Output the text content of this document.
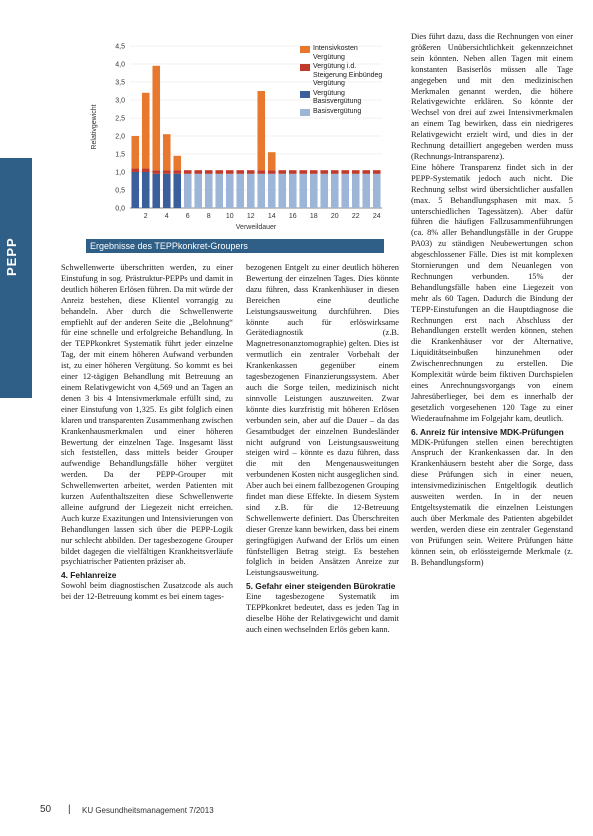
PEPP
0,0
0,5
1,0
1,5
2,0
2,5
3,0
3,5
4,0
4,5
2 4 6 8 10 12 14 16 18 20 22 24
Relativgewicht
Verweildauer
Intensivkosten Vergütung
Vergütung i.d. Steigerung Einbündeg Vergütung
Vergütung Basisvergütung
Basisvergütung
Ergebnisse des TEPPkonkret-Groupers

Schwellenwerte überschritten werden, zu einer Einstufung in sog. Prästruktur-PEPPs und damit in deutlich höheren Erlösen führen. Da mit würde der Anreiz bestehen, diese Klientel vorrangig zu behandeln. Aber durch die Schwellenwerte empfiehlt auf der anderen Seite die „Belohnung“ für eine schnelle und erfolgreiche Behandlung. In der TEPPkonkret Systematik führt jeder einzelne Tag, der mit einem höheren Aufwand verbunden ist, zu einer höheren Vergütung. So kommt es bei einer 12-tägigen Behandlung mit Betreuung an einem Relativgewicht von 4,569 und an Tagen an denen 3 bis 4 Intensivmerkmale erfüllt sind, zu einer Einstufung von 1,325. Es gibt folglich einen klaren und transparenten Zusammenhang zwischen Krankenhausmerkmalen und einer höheren Bewertung der einzelnen Tage. Insgesamt lässt sich feststellen, dass mittels beider Grouper aufwendige Behandlungsfälle höher vergütet werden. Da der PEPP-Grouper mit Schwellenwerten arbeitet, werden Patienten mit kurzen Aufenthaltszeiten diese Schwellenwerte alleine aufgrund der Liegezeit nicht erreichen. Auch kurze Exazitungen und Intensivierungen von Behandlungen lassen sich über die PEPP-Logik nur schlecht abbilden. Der tagesbezogene Grouper bildet dagegen die vielfältigen Krankheitsverläufe psychiatrischer Patienten präziser ab.

4. Fehlanreize

Sowohl beim diagnostischen Zusatzcode als auch bei der 12-Betreuung kommt es bei einem tages-

bezogenen Entgelt zu einer deutlich höheren Bewertung der einzelnen Tages. Dies könnte dazu führen, dass Krankenhäuser in diesen Bereichen eine deutliche Leistungsausweitung durchführen. Dies könnte auch für erlöswirksame Gerätediagnostik (z.B. Magnetresonanztomographie) gelten. Dies ist vermutlich ein zentraler Vorbehalt der Krankenkassen gegenüber einem tagesbezogenen Finanzierungssystem. Aber auch die Sorge teilen, medizinisch nicht sinnvolle Leistungen auszuweiten. Zwar könnte dies kurzfristig mit höheren Erlösen verbunden sein, aber auf die Dauer – da das Gesamtbudget der einzelnen Bundesländer nicht aufgrund von Leistungsausweitung steigen wird – könnte es dazu führen, dass die mit den Mengenausweitungen verbundenen Kosten nicht ausgeglichen sind. Aber auch bei einem fallbezogenen Grouping findet man diese Effekte. In diesem System sind z.B. für die 12-Betreuung Schwellenwerte definiert. Das Überschreiten dieser Grenze kann bewirken, dass bei einem geringfügigen Aufwand der Erlös um einen fünfstelligen Betrag steigt. Es bestehen folglich in beiden Ansätzen Anreize zur Leistungsausweitung.

5. Gefahr einer steigenden Bürokratie

Eine tagesbezogene Systematik im TEPPkonkret bedeutet, dass es jeden Tag in dieselbe Höhe der Relativgewicht und damit auch einen wechselnden Erlös geben kann.

Dies führt dazu, dass die Rechnungen von einer größeren Unübersichtlichkeit gekennzeichnet sein könnten. Neben allen Tagen mit einem konstanten Basiserlös müssen alle Tage angegeben und mit den medizinischen Merkmalen genannt werden, die höhere Relativgewichte erklären. So könnte der Wechsel von drei auf zwei Intensivmerkmalen an einem Tag bewirken, dass ein niedrigeres Relativgewicht erzielt wird, und dies in der Rechnung detailliert angegeben werden muss (Rechnungs-Intransparenz).

Eine höhere Transparenz findet sich in der PEPP-Systematik jedoch auch nicht. Die Rechnung selbst wird übersichtlicher ausfallen (max. 5 Behandlungsphasen mit max. 5 unterschiedlichen Tagessätzen). Aber dafür führen die häufigen Fallzusammenführungen (ca. 8% aller Behandlungsfälle in der Gruppe PA03) zu ständigen Neubewertungen schon abgeschlossener Fälle. Dies ist mit komplexen Stornierungen und dem Neuanlegen von Rechnungen verbunden. 15% der Behandlungsfälle haben eine Liegezeit von mehr als 60 Tagen. Dadurch die Bindung der TEPP-Einstufungen an die Hauptdiagnose die Rechnungen erst nach Abschluss der Behandlungen erstellt werden können, stehen die Krankenhäuser vor der Alternative, Liquiditätseinbußen hinzunehmen oder Zwischenrechnungen zu erstellen. Die Komplexität würde beim fiktiven Durchspielen eines Anrechnungsvorgangs von einem Jahresüberlieger, bei dem es innerhalb der gesetzlich vorgesehenen 120 Tage zu einer Wiederaufnahme im Folgejahr kam, deutlich.

6. Anreiz für intensive MDK-Prüfungen

MDK-Prüfungen stellen einen berechtigten Anspruch der Krankenkassen dar. In den Krankenhäusern besteht aber die Sorge, dass diese Prüfungen sich in einer neuen, intensivmedizinischen Entgeltlogik deutlich ausweiten werden. In in der neuen Entgeltsystematik die einzelnen Leistungen auch über Merkmale des Patienten abgebildet werden, werden diese ein zentraler Gegenstand von Prüfungen sein. Weitere Prüfungen hätte können sein, ob erlössteigernde Merkmale (z. B. Behandlungsform)

50 | KU Gesundheitsmanagement 7/2013
